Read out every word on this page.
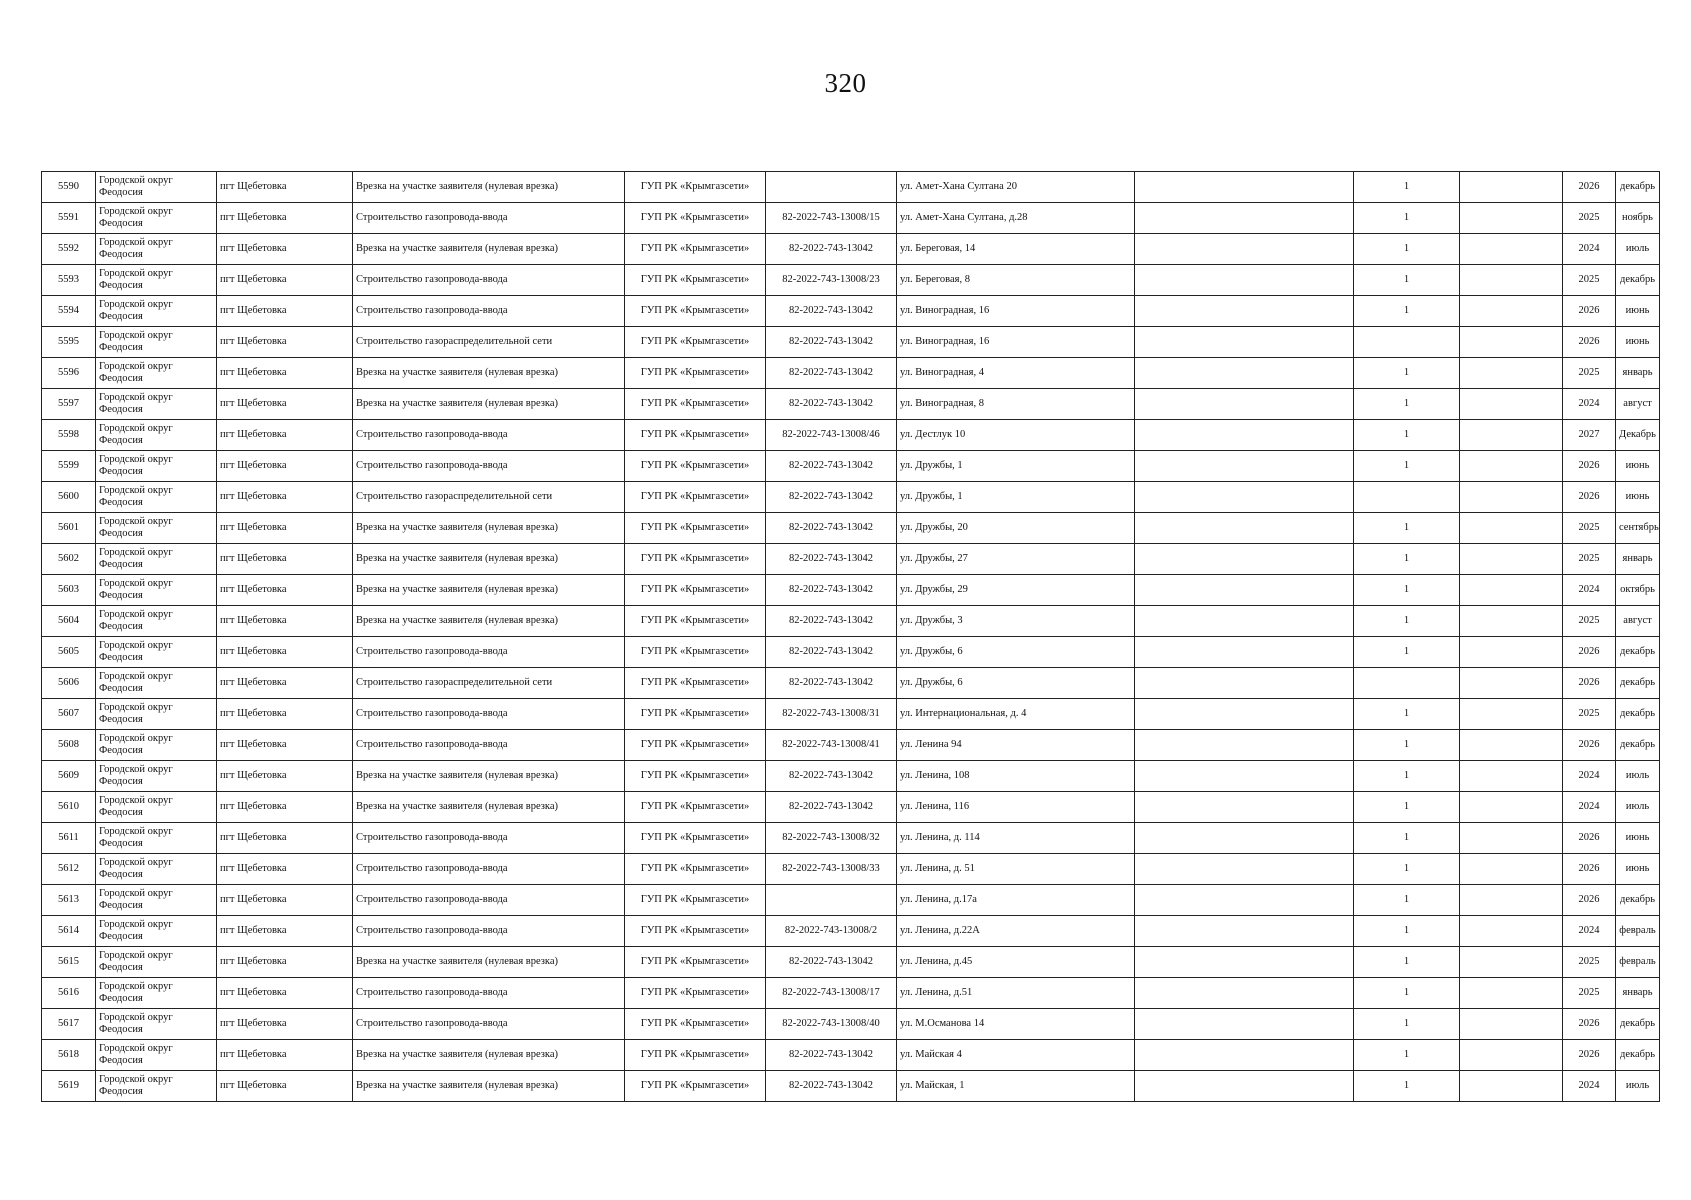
320
5590	Городской округ Феодосия	пгт Щебетовка	Врезка на участке заявителя (нулевая врезка)	ГУП РК «Крымгазсети»		ул. Амет-Хана Султана 20		1		2026	декабрь
5591	Городской округ Феодосия	пгт Щебетовка	Строительство газопровода-ввода	ГУП РК «Крымгазсети»	82-2022-743-13008/15	ул. Амет-Хана Султана, д.28		1		2025	ноябрь
5592	Городской округ Феодосия	пгт Щебетовка	Врезка на участке заявителя (нулевая врезка)	ГУП РК «Крымгазсети»	82-2022-743-13042	ул. Береговая, 14		1		2024	июль
5593	Городской округ Феодосия	пгт Щебетовка	Строительство газопровода-ввода	ГУП РК «Крымгазсети»	82-2022-743-13008/23	ул. Береговая, 8		1		2025	декабрь
5594	Городской округ Феодосия	пгт Щебетовка	Строительство газопровода-ввода	ГУП РК «Крымгазсети»	82-2022-743-13042	ул. Виноградная, 16		1		2026	июнь
5595	Городской округ Феодосия	пгт Щебетовка	Строительство газораспределительной сети	ГУП РК «Крымгазсети»	82-2022-743-13042	ул. Виноградная, 16				2026	июнь
5596	Городской округ Феодосия	пгт Щебетовка	Врезка на участке заявителя (нулевая врезка)	ГУП РК «Крымгазсети»	82-2022-743-13042	ул. Виноградная, 4		1		2025	январь
5597	Городской округ Феодосия	пгт Щебетовка	Врезка на участке заявителя (нулевая врезка)	ГУП РК «Крымгазсети»	82-2022-743-13042	ул. Виноградная, 8		1		2024	август
5598	Городской округ Феодосия	пгт Щебетовка	Строительство газопровода-ввода	ГУП РК «Крымгазсети»	82-2022-743-13008/46	ул. Дестлук 10		1		2027	Декабрь
5599	Городской округ Феодосия	пгт Щебетовка	Строительство газопровода-ввода	ГУП РК «Крымгазсети»	82-2022-743-13042	ул. Дружбы, 1		1		2026	июнь
5600	Городской округ Феодосия	пгт Щебетовка	Строительство газораспределительной сети	ГУП РК «Крымгазсети»	82-2022-743-13042	ул. Дружбы, 1				2026	июнь
5601	Городской округ Феодосия	пгт Щебетовка	Врезка на участке заявителя (нулевая врезка)	ГУП РК «Крымгазсети»	82-2022-743-13042	ул. Дружбы, 20		1		2025	сентябрь
5602	Городской округ Феодосия	пгт Щебетовка	Врезка на участке заявителя (нулевая врезка)	ГУП РК «Крымгазсети»	82-2022-743-13042	ул. Дружбы, 27		1		2025	январь
5603	Городской округ Феодосия	пгт Щебетовка	Врезка на участке заявителя (нулевая врезка)	ГУП РК «Крымгазсети»	82-2022-743-13042	ул. Дружбы, 29		1		2024	октябрь
5604	Городской округ Феодосия	пгт Щебетовка	Врезка на участке заявителя (нулевая врезка)	ГУП РК «Крымгазсети»	82-2022-743-13042	ул. Дружбы, 3		1		2025	август
5605	Городской округ Феодосия	пгт Щебетовка	Строительство газопровода-ввода	ГУП РК «Крымгазсети»	82-2022-743-13042	ул. Дружбы, 6		1		2026	декабрь
5606	Городской округ Феодосия	пгт Щебетовка	Строительство газораспределительной сети	ГУП РК «Крымгазсети»	82-2022-743-13042	ул. Дружбы, 6				2026	декабрь
5607	Городской округ Феодосия	пгт Щебетовка	Строительство газопровода-ввода	ГУП РК «Крымгазсети»	82-2022-743-13008/31	ул. Интернациональная, д. 4		1		2025	декабрь
5608	Городской округ Феодосия	пгт Щебетовка	Строительство газопровода-ввода	ГУП РК «Крымгазсети»	82-2022-743-13008/41	ул. Ленина 94		1		2026	декабрь
5609	Городской округ Феодосия	пгт Щебетовка	Врезка на участке заявителя (нулевая врезка)	ГУП РК «Крымгазсети»	82-2022-743-13042	ул. Ленина, 108		1		2024	июль
5610	Городской округ Феодосия	пгт Щебетовка	Врезка на участке заявителя (нулевая врезка)	ГУП РК «Крымгазсети»	82-2022-743-13042	ул. Ленина, 116		1		2024	июль
5611	Городской округ Феодосия	пгт Щебетовка	Строительство газопровода-ввода	ГУП РК «Крымгазсети»	82-2022-743-13008/32	ул. Ленина, д. 114		1		2026	июнь
5612	Городской округ Феодосия	пгт Щебетовка	Строительство газопровода-ввода	ГУП РК «Крымгазсети»	82-2022-743-13008/33	ул. Ленина, д. 51		1		2026	июнь
5613	Городской округ Феодосия	пгт Щебетовка	Строительство газопровода-ввода	ГУП РК «Крымгазсети»		ул. Ленина, д.17а		1		2026	декабрь
5614	Городской округ Феодосия	пгт Щебетовка	Строительство газопровода-ввода	ГУП РК «Крымгазсети»	82-2022-743-13008/2	ул. Ленина, д.22А		1		2024	февраль
5615	Городской округ Феодосия	пгт Щебетовка	Врезка на участке заявителя (нулевая врезка)	ГУП РК «Крымгазсети»	82-2022-743-13042	ул. Ленина, д.45		1		2025	февраль
5616	Городской округ Феодосия	пгт Щебетовка	Строительство газопровода-ввода	ГУП РК «Крымгазсети»	82-2022-743-13008/17	ул. Ленина, д.51		1		2025	январь
5617	Городской округ Феодосия	пгт Щебетовка	Строительство газопровода-ввода	ГУП РК «Крымгазсети»	82-2022-743-13008/40	ул. М.Османова 14		1		2026	декабрь
5618	Городской округ Феодосия	пгт Щебетовка	Врезка на участке заявителя (нулевая врезка)	ГУП РК «Крымгазсети»	82-2022-743-13042	ул. Майская 4		1		2026	декабрь
5619	Городской округ Феодосия	пгт Щебетовка	Врезка на участке заявителя (нулевая врезка)	ГУП РК «Крымгазсети»	82-2022-743-13042	ул. Майская, 1		1		2024	июль
